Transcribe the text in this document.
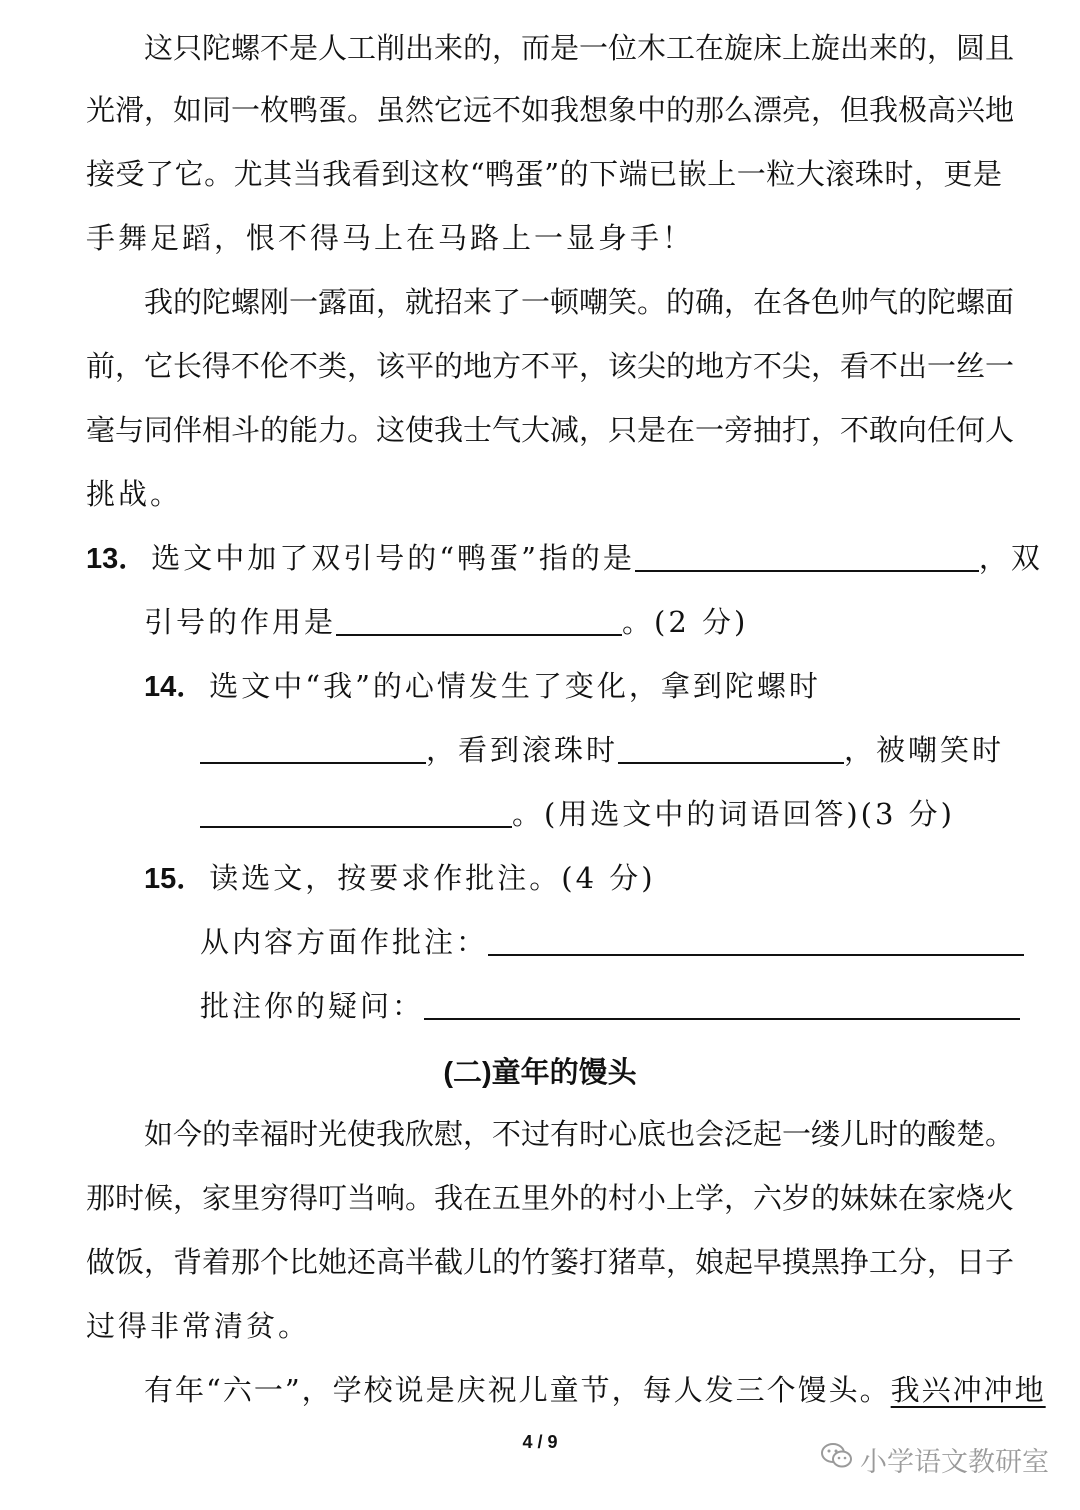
这只陀螺不是人工削出来的，而是一位木工在旋床上旋出来的，圆且
光滑，如同一枚鸭蛋。虽然它远不如我想象中的那么漂亮，但我极高兴地
接受了它。尤其当我看到这枚“鸭蛋”的下端已嵌上一粒大滚珠时，更是
手舞足蹈，恨不得马上在马路上一显身手！
我的陀螺刚一露面，就招来了一顿嘲笑。的确，在各色帅气的陀螺面
前，它长得不伦不类，该平的地方不平，该尖的地方不尖，看不出一丝一
毫与同伴相斗的能力。这使我士气大减，只是在一旁抽打，不敢向任何人
挑战。
13． 选文中加了双引号的“鸭蛋”指的是	，双
引号的作用是	。(2 分)
14． 选文中“我”的心情发生了变化，拿到陀螺时
，看到滚珠时	，被嘲笑时
。(用选文中的词语回答)(3 分)
15． 读选文，按要求作批注。(4 分)
从内容方面作批注：
批注你的疑问：
(二)童年的馒头
如今的幸福时光使我欣慰，不过有时心底也会泛起一缕儿时的酸楚。
那时候，家里穷得叮当响。我在五里外的村小上学，六岁的妹妹在家烧火
做饭，背着那个比她还高半截儿的竹篓打猪草，娘起早摸黑挣工分，日子
过得非常清贫。
有年“六一”，学校说是庆祝儿童节，每人发三个馒头。我兴冲冲地
4 / 9
小学语文教研室
